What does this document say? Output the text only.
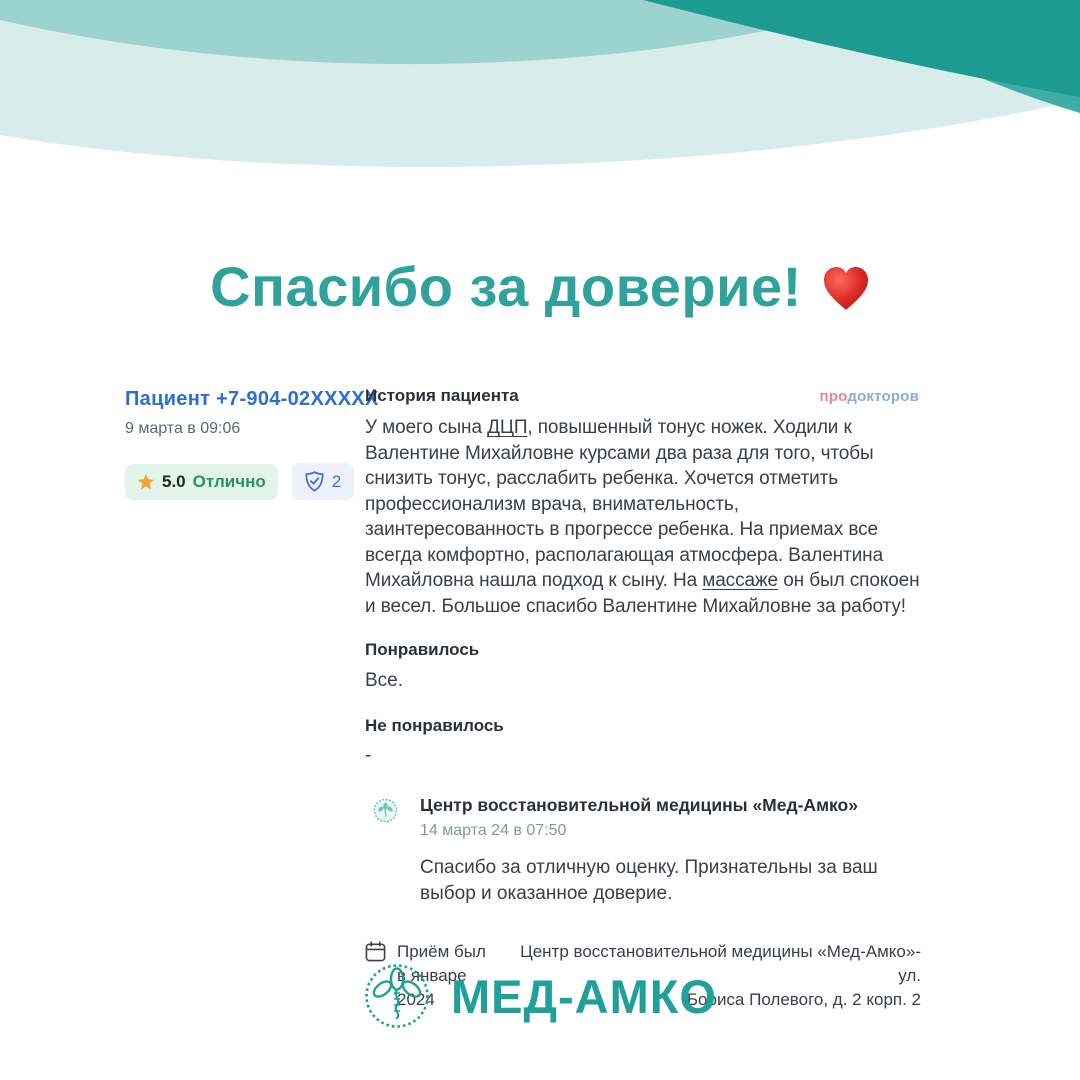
Спасибо за доверие!

Пациент +7-904-02XXXXX

9 марта в 09:06

5.0 Отлично	2
продокторов
История пациента

У моего сына ДЦП, повышенный тонус ножек. Ходили к Валентине Михайловне курсами два раза для того, чтобы снизить тонус, расслабить ребенка. Хочется отметить профессионализм врача, внимательность, заинтересованность в прогрессе ребенка. На приемах все всегда комфортно, располагающая атмосфера. Валентина Михайловна нашла подход к сыну. На массаже он был спокоен и весел. Большое спасибо Валентине Михайловне за работу!

Понравилось

Все.

Не понравилось

-

Центр восстановительной медицины «Мед-Амко»

14 марта 24 в 07:50

Спасибо за отличную оценку. Признательны за ваш выбор и оказанное доверие.

Приём был
в январе 2024
Центр восстановительной медицины «Мед-Амко»-ул.
Бориса Полевого, д. 2 корп. 2

МЕД-АМКО
